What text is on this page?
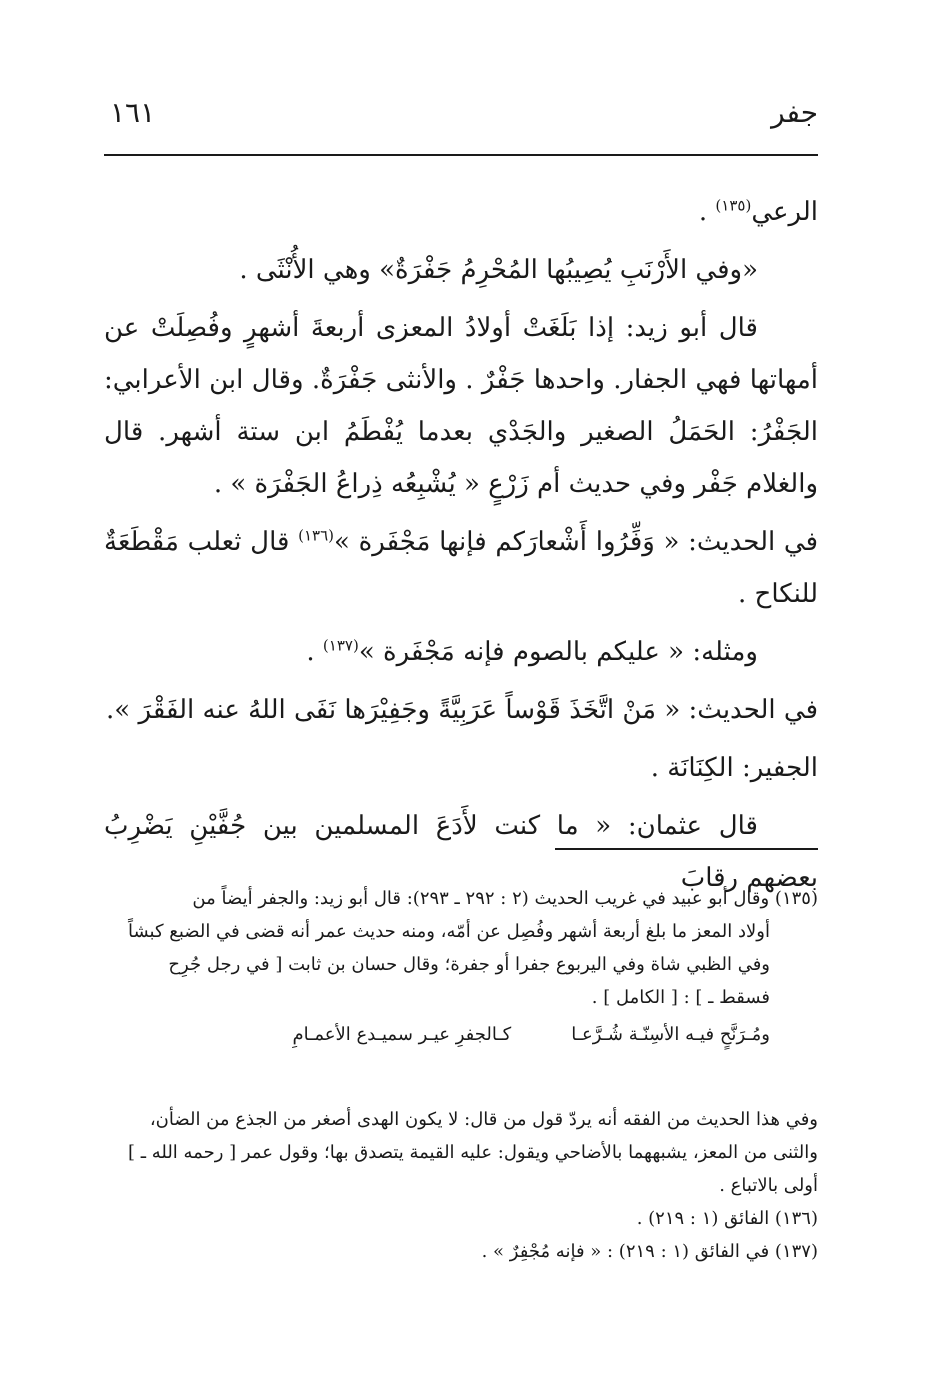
جفر
١٦١

الرعي$^{(١٣٥)}$ .

«وفي الأَرْنَبِ يُصِيبُها المُحْرِمُ جَفْرَةٌ» وهي الأُنْثَى .

قال أبو زيد: إذا بَلَغَتْ أولادُ المعزى أربعةَ أشهرٍ وفُصِلَتْ عن أمهاتها فهي الجفار. واحدها جَفْرٌ . والأنثى جَفْرَةٌ. وقال ابن الأعرابي: الجَفْرُ: الحَمَلُ الصغير والجَدْي بعدما يُفْطَمُ ابن ستة أشهر. قال والغلام جَفْر وفي حديث أم زَرْعٍ « يُشْبِعُه ذِراعُ الجَفْرَة » .

في الحديث: « وَفِّرُوا أَشْعارَكم فإنها مَجْفَرة »$^{(١٣٦)}$ قال ثعلب مَقْطَعَةٌ للنكاح .

ومثله: « عليكم بالصوم فإنه مَجْفَرة »$^{(١٣٧)}$ .

في الحديث: « مَنْ اتَّخَذَ قَوْساً عَرَبِيَّةً وجَفِيْرَها نَفَى اللهُ عنه الفَقْرَ ».

الجفير: الكِنَانَة .

قال عثمان: « ما كنت لأَدَعَ المسلمين بين جُفَّيْنِ يَضْرِبُ بعضهم رقابَ

(١٣٥) وقال أبو عبيد في غريب الحديث (٢ : ٢٩٢ ـ ٢٩٣): قال أبو زيد: والجفر أيضاً من

أولاد المعز ما بلغ أربعة أشهر وفُصِل عن أمّه، ومنه حديث عمر أنه قضى في الضبع كبشاً

وفي الظبي شاة وفي اليربوع جفرا أو جفرة؛ وقال حسان بن ثابت [ في رجل جُرِح

فسقط ـ ] : [ الكامل ] .

ومُـرَنَّحٍ فيـه الأسِنّـة شُـرَّعـا
كـالجفرِ عيـر سميـدع الأعمـامِ

وفي هذا الحديث من الفقه أنه يردّ قول من قال: لا يكون الهدى أصغر من الجذع من الضأن،

والثنى من المعز، يشبههما بالأضاحي ويقول: عليه القيمة يتصدق بها؛ وقول عمر [ رحمه الله ـ ]

أولى بالاتباع .

(١٣٦) الفائق (١ : ٢١٩) .

(١٣٧) في الفائق (١ : ٢١٩) : « فإنه مُجْفِرٌ » .
